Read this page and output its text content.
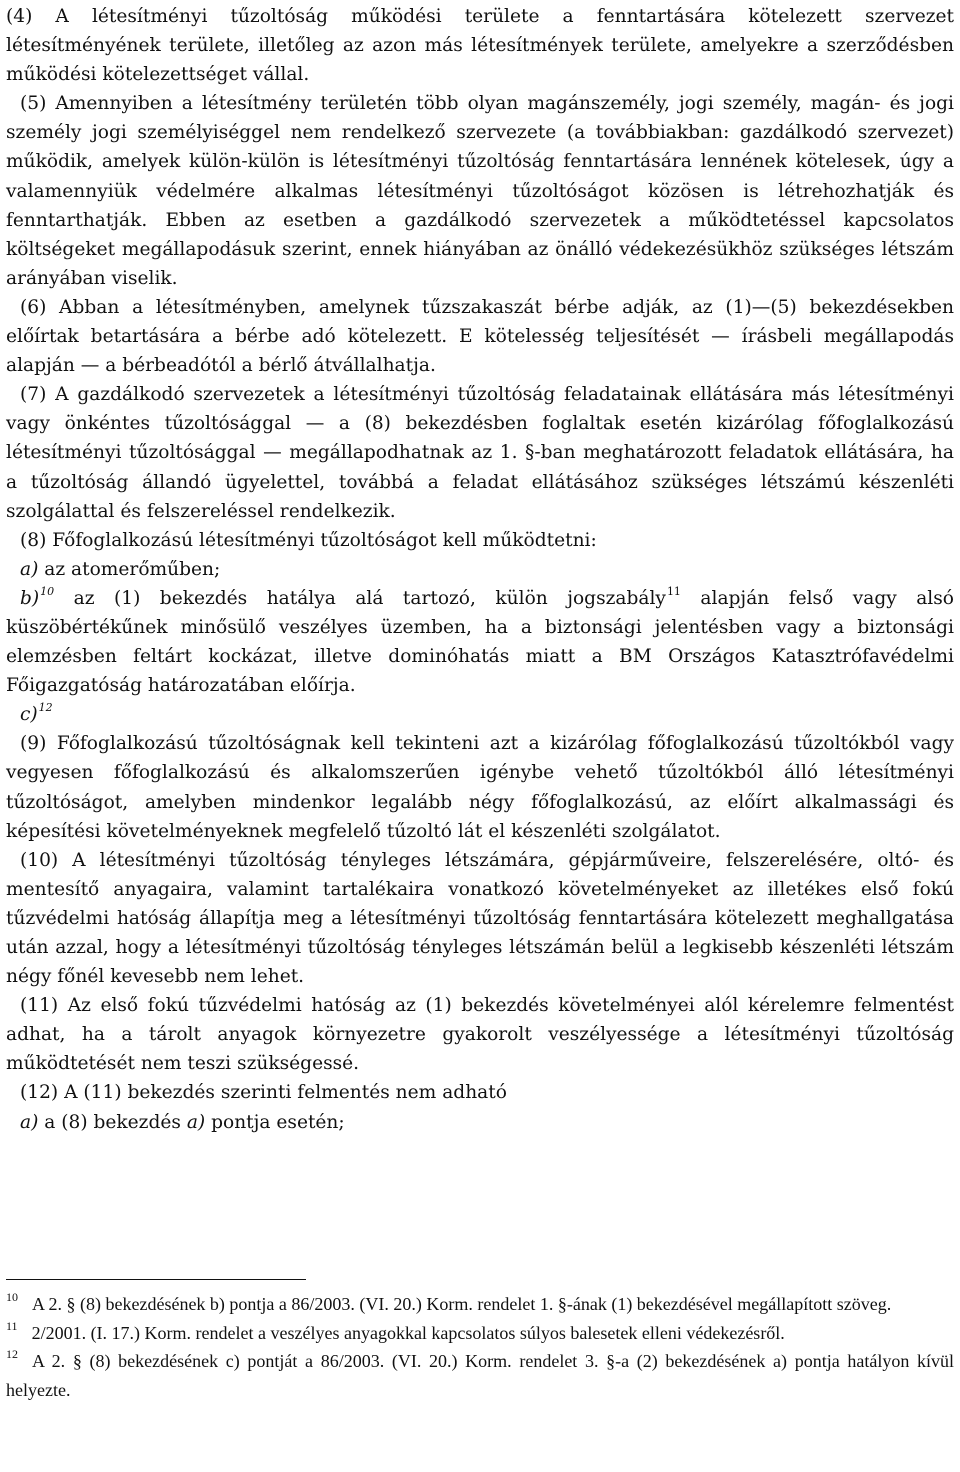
(4) A létesítményi tűzoltóság működési területe a fenntartására kötelezett szervezet létesítményének területe, illetőleg az azon más létesítmények területe, amelyekre a szerződésben működési kötelezettséget vállal.

(5) Amennyiben a létesítmény területén több olyan magánszemély, jogi személy, magán- és jogi személy jogi személyiséggel nem rendelkező szervezete (a továbbiakban: gazdálkodó szervezet) működik, amelyek külön-külön is létesítményi tűzoltóság fenntartására lennének kötelesek, úgy a valamennyiük védelmére alkalmas létesítményi tűzoltóságot közösen is létrehozhatják és fenntarthatják. Ebben az esetben a gazdálkodó szervezetek a működtetéssel kapcsolatos költségeket megállapodásuk szerint, ennek hiányában az önálló védekezésükhöz szükséges létszám arányában viselik.

(6) Abban a létesítményben, amelynek tűzszakaszát bérbe adják, az (1)—(5) bekezdésekben előírtak betartására a bérbe adó kötelezett. E kötelesség teljesítését — írásbeli megállapodás alapján — a bérbeadótól a bérlő átvállalhatja.

(7) A gazdálkodó szervezetek a létesítményi tűzoltóság feladatainak ellátására más létesítményi vagy önkéntes tűzoltósággal — a (8) bekezdésben foglaltak esetén kizárólag főfoglalkozású létesítményi tűzoltósággal — megállapodhatnak az 1. §-ban meghatározott feladatok ellátására, ha a tűzoltóság állandó ügyelettel, továbbá a feladat ellátásához szükséges létszámú készenléti szolgálattal és felszereléssel rendelkezik.

(8) Főfoglalkozású létesítményi tűzoltóságot kell működtetni:

a) az atomerőműben;

b)$^{10}$ az (1) bekezdés hatálya alá tartozó, külön jogszabály$^{11}$ alapján felső vagy alsó küszöbértékűnek minősülő veszélyes üzemben, ha a biztonsági jelentésben vagy a biztonsági elemzésben feltárt kockázat, illetve dominóhatás miatt a BM Országos Katasztrófavédelmi Főigazgatóság határozatában előírja.

c)$^{12}$

(9) Főfoglalkozású tűzoltóságnak kell tekinteni azt a kizárólag főfoglalkozású tűzoltókból vagy vegyesen főfoglalkozású és alkalomszerűen igénybe vehető tűzoltókból álló létesítményi tűzoltóságot, amelyben mindenkor legalább négy főfoglalkozású, az előírt alkalmassági és képesítési követelményeknek megfelelő tűzoltó lát el készenléti szolgálatot.

(10) A létesítményi tűzoltóság tényleges létszámára, gépjárműveire, felszerelésére, oltó- és mentesítő anyagaira, valamint tartalékaira vonatkozó követelményeket az illetékes első fokú tűzvédelmi hatóság állapítja meg a létesítményi tűzoltóság fenntartására kötelezett meghallgatása után azzal, hogy a létesítményi tűzoltóság tényleges létszámán belül a legkisebb készenléti létszám négy főnél kevesebb nem lehet.

(11) Az első fokú tűzvédelmi hatóság az (1) bekezdés követelményei alól kérelemre felmentést adhat, ha a tárolt anyagok környezetre gyakorolt veszélyessége a létesítményi tűzoltóság működtetését nem teszi szükségessé.

(12) A (11) bekezdés szerinti felmentés nem adható

a) a (8) bekezdés a) pontja esetén;

$^{10}$ A 2. § (8) bekezdésének b) pontja a 86/2003. (VI. 20.) Korm. rendelet 1. §-ának (1) bekezdésével megállapított szöveg.

$^{11}$ 2/2001. (I. 17.) Korm. rendelet a veszélyes anyagokkal kapcsolatos súlyos balesetek elleni védekezésről.

$^{12}$ A 2. § (8) bekezdésének c) pontját a 86/2003. (VI. 20.) Korm. rendelet 3. §-a (2) bekezdésének a) pontja hatályon kívül helyezte.
